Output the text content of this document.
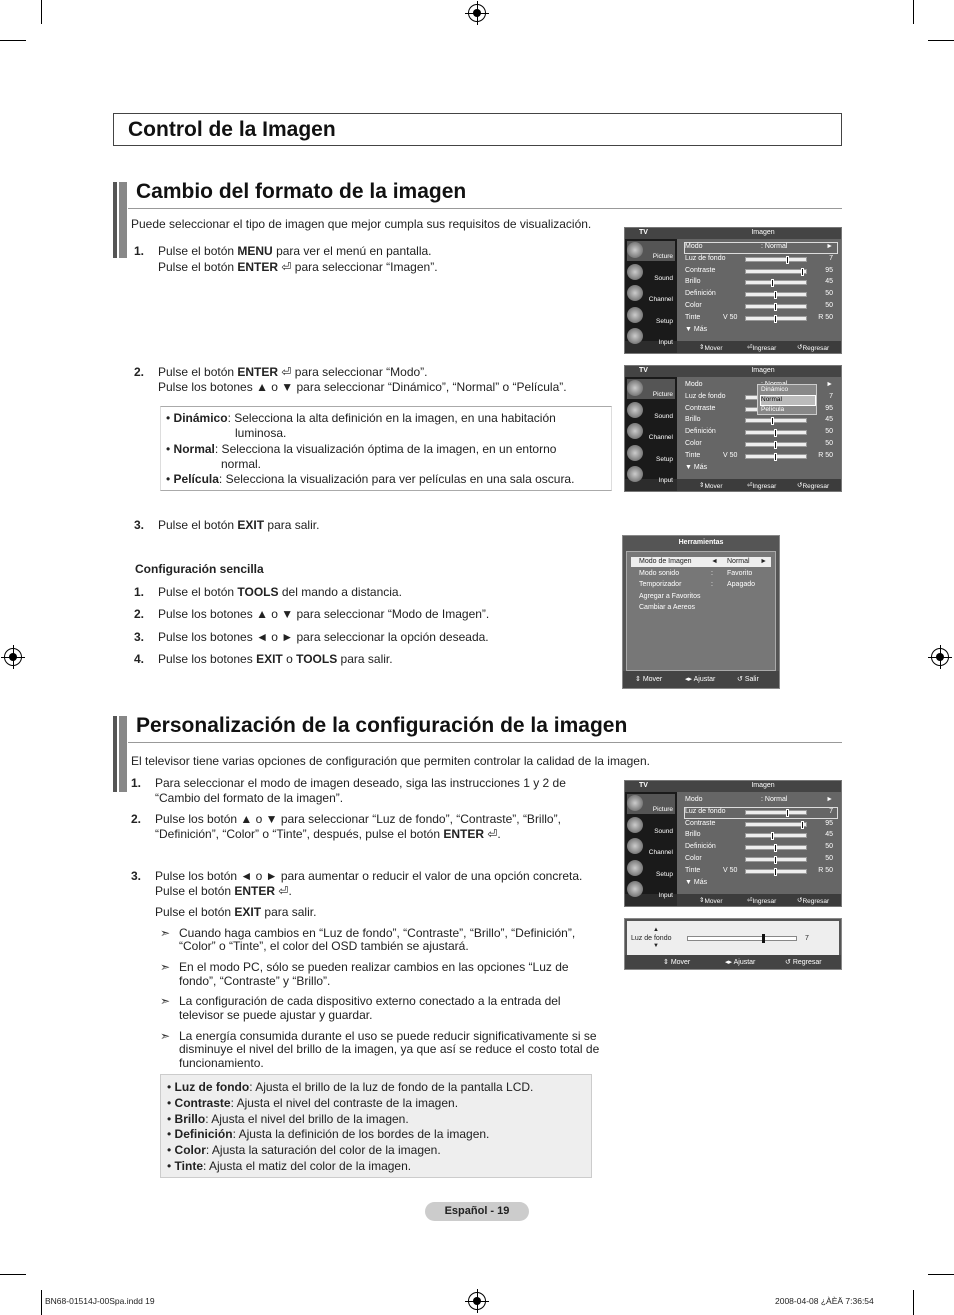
Control de la Imagen
Cambio del formato de la imagen
Puede seleccionar el tipo de imagen que mejor cumpla sus requisitos de visualización.
1. Pulse el botón MENU para ver el menú en pantalla.
Pulse el botón ENTER ⏎ para seleccionar “Imagen”.
2. Pulse el botón ENTER ⏎ para seleccionar “Modo”.
Pulse los botones ▲ o ▼ para seleccionar “Dinámico”, “Normal” o “Película”.
• Dinámico: Selecciona la alta definición en la imagen, en una habitación
luminosa.
• Normal: Selecciona la visualización óptima de la imagen, en un entorno
normal.
• Película: Selecciona la visualización para ver películas en una sala oscura.
3. Pulse el botón EXIT para salir.
Configuración sencilla
1. Pulse el botón TOOLS del mando a distancia.
2. Pulse los botones ▲ o ▼ para seleccionar “Modo de Imagen”.
3. Pulse los botones ◄ o ► para seleccionar la opción deseada.
4. Pulse los botones EXIT o TOOLS para salir.
Personalización de la configuración de la imagen
El televisor tiene varias opciones de configuración que permiten controlar la calidad de la imagen.
1. Para seleccionar el modo de imagen deseado, siga las instrucciones 1 y 2 de
“Cambio del formato de la imagen”.
2. Pulse los botón ▲ o ▼ para seleccionar “Luz de fondo”, “Contraste”, “Brillo”,
“Definición”, “Color” o “Tinte”, después, pulse el botón ENTER ⏎.
3. Pulse los botón ◄ o ► para aumentar o reducir el valor de una opción concreta.
Pulse el botón ENTER ⏎.
Pulse el botón EXIT para salir.
➣ Cuando haga cambios en “Luz de fondo”, “Contraste”, “Brillo”, “Definición”,
“Color” o “Tinte”, el color del OSD también se ajustará.
➣ En el modo PC, sólo se pueden realizar cambios en las opciones “Luz de
fondo”, “Contraste” y “Brillo”.
➣ La configuración de cada dispositivo externo conectado a la entrada del
televisor se puede ajustar y guardar.
➣ La energía consumida durante el uso se puede reducir significativamente si se
disminuye el nivel del brillo de la imagen, ya que así se reduce el costo total de
funcionamiento.
• Luz de fondo: Ajusta el brillo de la luz de fondo de la pantalla LCD.
• Contraste: Ajusta el nivel del contraste de la imagen.
• Brillo: Ajusta el nivel del brillo de la imagen.
• Definición: Ajusta la definición de los bordes de la imagen.
• Color: Ajusta la saturación del color de la imagen.
• Tinte: Ajusta el matiz del color de la imagen.
TV	Imagen
Picture
Sound
Channel
Setup
Input
Modo	: Normal	►
Luz de fondo	7
Contraste	95
Brillo	45
Definición	50
Color	50
Tinte	V 50	R 50
▼ Más
⇕ Mover	⏎ Ingresar	↺ Regresar
TV	Imagen
Picture
Sound
Channel
Setup
Input
Modo	►
Luz de fondo	7
Contraste	95
Brillo	45
Definición	50
Color	50
Tinte	V 50	R 50
▼ Más
⇕ Mover	⏎ Ingresar	↺ Regresar
Dinámico
Normal
Película
TV	Imagen
Picture
Sound
Channel
Setup
Input
Modo	: Normal	►
Luz de fondo	7
Contraste	95
Brillo	45
Definición	50
Color	50
Tinte	V 50	R 50
▼ Más
⇕ Mover	⏎ Ingresar	↺ Regresar
Herramientas
Modo de Imagen	◄ Normal ►
Modo sonido	: Favorito
Temporizador	: Apagado
Agregar a Favoritos
Cambiar a Aereos
⇕ Mover	◂▸ Ajustar	↺ Salir
Luz de fondo
▲
▼
7
⇕ Mover	◂▸ Ajustar	↺ Regresar
Español - 19
BN68-01514J-00Spa.indd 19	2008-04-08 ¿ÀÈÄ 7:36:54
